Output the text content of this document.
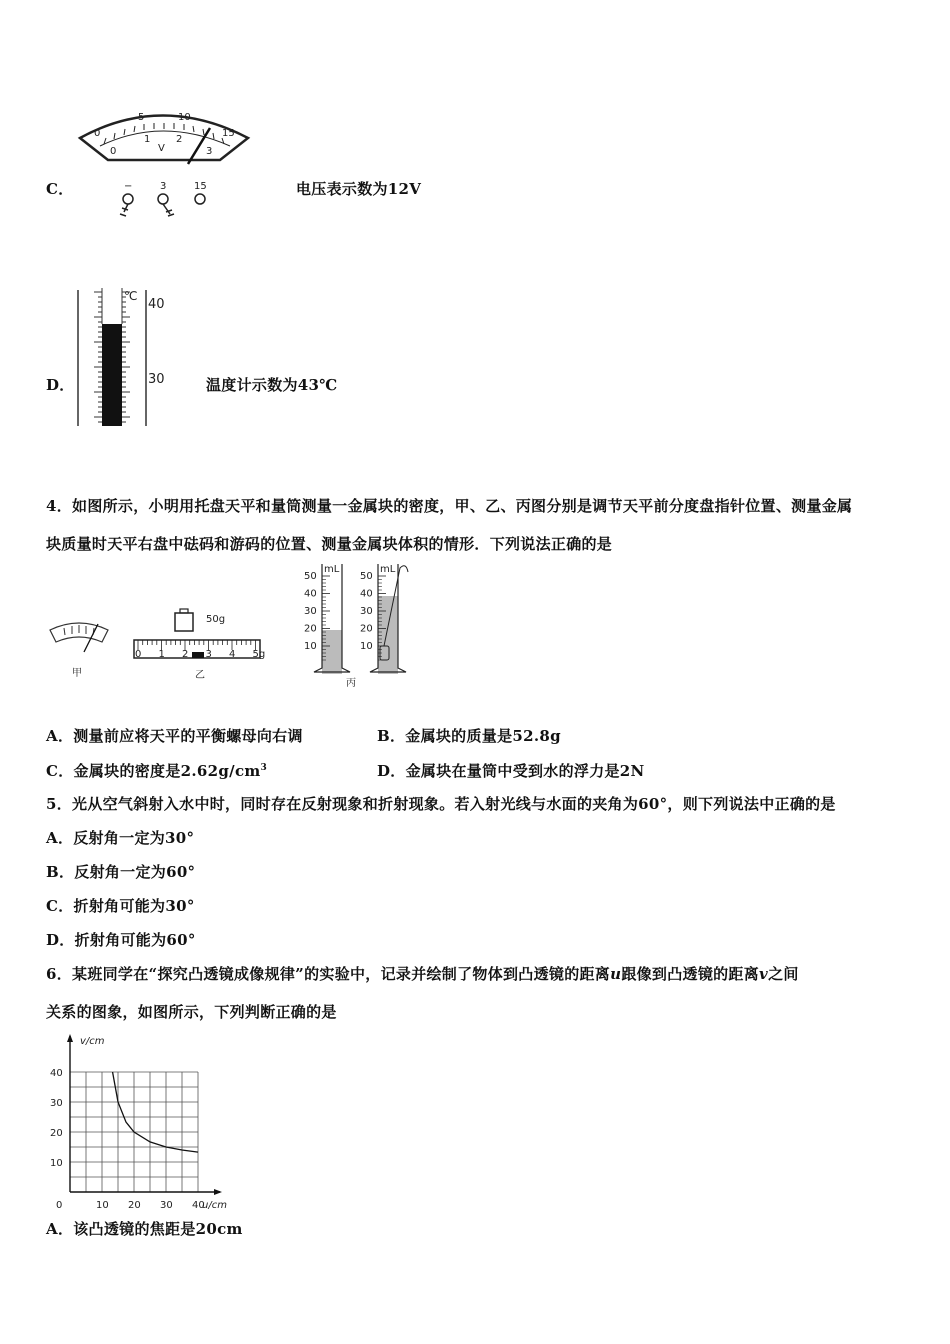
0
5	10
15
0
1	2
3
V
−	3	15
C．	电压表示数为12V
℃
40
30
D．	温度计示数为43℃
4．如图所示，小明用托盘天平和量筒测量一金属块的密度，甲、乙、丙图分别是调节天平前分度盘指针位置、测量金属
块质量时天平右盘中砝码和游码的位置、测量金属块体积的情形．下列说法正确的是
甲
50g
0 1 2 3 4 5g
乙
mL
50
40
30
20
10
mL
50
40
30
20
10
丙
A．测量前应将天平的平衡螺母向右调	B．金属块的质量是52.8g
C．金属块的密度是$2.62g/cm^3$	D．金属块在量筒中受到水的浮力是2N
5．光从空气斜射入水中时，同时存在反射现象和折射现象。若入射光线与水面的夹角为60°，则下列说法中正确的是
A．反射角一定为30°
B．反射角一定为60°
C．折射角可能为30°
D．折射角可能为60°
6．某班同学在“探究凸透镜成像规律”的实验中，记录并绘制了物体到凸透镜的距离u跟像到凸透镜的距离v之间
关系的图象，如图所示，下列判断正确的是
v/cm
u/cm
0	10 20 30 40
10
20
30
40
A．该凸透镜的焦距是20cm
